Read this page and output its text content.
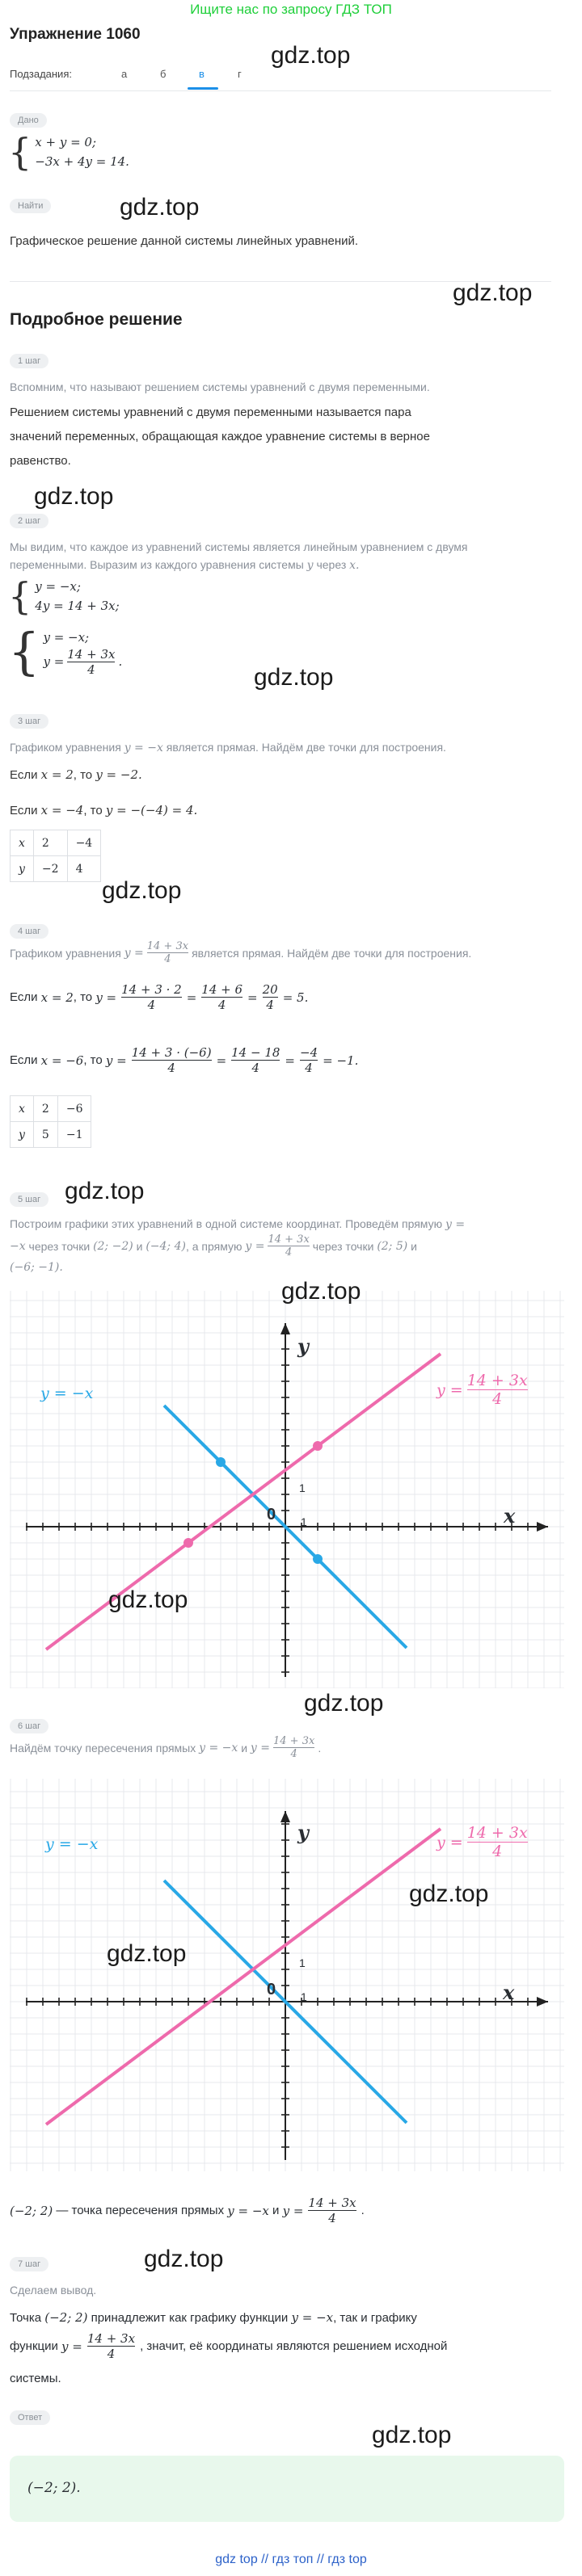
Ищите нас по запросу ГДЗ ТОП
Упражнение 1060
Подзадания:	а	б	в	г
gdz.top
Дано
{ x + y = 0;
−3x + 4y = 14.
Найти	gdz.top
Графическое решение данной системы линейных уравнений.
gdz.top
Подробное решение
1 шаг
Вспомним, что называют решением системы уравнений с двумя переменными.
Решением системы уравнений с двумя переменными называется пара
значений переменных, обращающая каждое уравнение системы в верное
равенство.
gdz.top
2 шаг
Мы видим, что каждое из уравнений системы является линейным уравнением с двумя
переменными. Выразим из каждого уравнения системы y через x.
{ y = −x;
4y = 14 + 3x;
{ y = −x;
$y = \frac{14 + 3x}{4}$ .
gdz.top
3 шаг
Графиком уравнения y = −x является прямая. Найдём две точки для построения.
Если x = 2, то y = −2.
Если x = −4, то y = −(−4) = 4.
x	2	−4
y	−2	4
gdz.top
4 шаг
Графиком уравнения
$y = \frac{14 + 3x}{4}$ является прямая. Найдём две точки для построения.
Если
x = 2 , то
$y = \frac{14 + 3 \cdot 2}{4} = \frac{14 + 6}{4} = \frac{20}{4} = 5$.
Если
x = −6 , то
$y = \frac{14 + 3 \cdot (-6)}{4} = \frac{14 - 18}{4} = \frac{-4}{4} = -1$.
x	2	−6
y	5	−1
5 шаг gdz.top
Построим графики этих уравнений в одной системе координат. Проведём прямую y =
−x
через точки
(2; −2)
и
(−4; 4) , а прямую
$y = \frac{14 + 3x}{4}$ через точки
(2; 5)
и
(−6; −1).
y = −x	$y = \frac{14 + 3x}{4}$
x
y
0 1
1
gdz.top
gdz.top
gdz.top
6 шаг
Найдём точку пересечения прямых
y = −x
и
$y = \frac{14 + 3x}{4}$ .
y = −x	$y = \frac{14 + 3x}{4}$
x
y
0 1
1
gdz.top
gdz.top
(−2; 2)
— точка пересечения прямых
y = −x
и
$y = \frac{14 + 3x}{4}$ .
7 шаг	gdz.top
Сделаем вывод.
Точка (−2; 2) принадлежит как графику функции y = −x, так и графику
функции
$y = \frac{14 + 3x}{4}$ , значит, её координаты являются решением исходной
системы.
gdz.top
Ответ
(−2; 2).
gdz top // гдз топ // гдз top
